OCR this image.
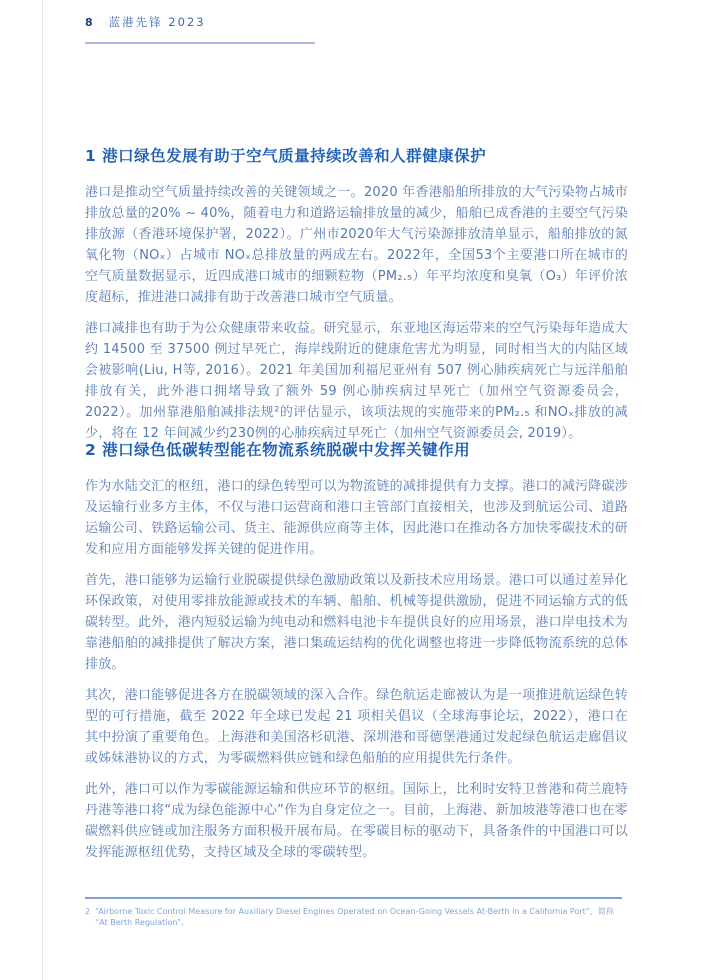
8 蓝港先锋 2023
1 港口绿色发展有助于空气质量持续改善和人群健康保护

港口是推动空气质量持续改善的关键领域之一。2020 年香港船舶所排放的大气污染物占城市排放总量的20% ~ 40%，随着电力和道路运输排放量的减少，船舶已成香港的主要空气污染排放源（香港环境保护署，2022）。广州市2020年大气污染源排放清单显示，船舶排放的氮氧化物（NOₓ）占城市 NOₓ总排放量的两成左右。2022年，全国53个主要港口所在城市的空气质量数据显示，近四成港口城市的细颗粒物（PM₂.₅）年平均浓度和臭氧（O₃）年评价浓度超标，推进港口减排有助于改善港口城市空气质量。

港口减排也有助于为公众健康带来收益。研究显示，东亚地区海运带来的空气污染每年造成大约 14500 至 37500 例过早死亡，海岸线附近的健康危害尤为明显，同时相当大的内陆区域会被影响(Liu, H等, 2016）。2021 年美国加利福尼亚州有 507 例心肺疾病死亡与远洋船舶排放有关，此外港口拥堵导致了额外 59 例心肺疾病过早死亡（加州空气资源委员会，2022）。加州靠港船舶减排法规²的评估显示，该项法规的实施带来的PM₂.₅ 和NOₓ排放的减少，将在 12 年间减少约230例的心肺疾病过早死亡（加州空气资源委员会, 2019）。

2 港口绿色低碳转型能在物流系统脱碳中发挥关键作用

作为水陆交汇的枢纽，港口的绿色转型可以为物流链的减排提供有力支撑。港口的减污降碳涉及运输行业多方主体，不仅与港口运营商和港口主管部门直接相关，也涉及到航运公司、道路运输公司、铁路运输公司、货主、能源供应商等主体，因此港口在推动各方加快零碳技术的研发和应用方面能够发挥关键的促进作用。

首先，港口能够为运输行业脱碳提供绿色激励政策以及新技术应用场景。港口可以通过差异化环保政策，对使用零排放能源或技术的车辆、船舶、机械等提供激励，促进不同运输方式的低碳转型。此外，港内短驳运输为纯电动和燃料电池卡车提供良好的应用场景，港口岸电技术为靠港船舶的减排提供了解决方案，港口集疏运结构的优化调整也将进一步降低物流系统的总体排放。

其次，港口能够促进各方在脱碳领域的深入合作。绿色航运走廊被认为是一项推进航运绿色转型的可行措施，截至 2022 年全球已发起 21 项相关倡议（全球海事论坛，2022），港口在其中扮演了重要角色。上海港和美国洛杉矶港、深圳港和哥德堡港通过发起绿色航运走廊倡议或姊妹港协议的方式，为零碳燃料供应链和绿色船舶的应用提供先行条件。

此外，港口可以作为零碳能源运输和供应环节的枢纽。国际上，比利时安特卫普港和荷兰鹿特丹港等港口将“成为绿色能源中心”作为自身定位之一。目前，上海港、新加坡港等港口也在零碳燃料供应链或加注服务方面积极开展布局。在零碳目标的驱动下，具备条件的中国港口可以发挥能源枢纽优势，支持区域及全球的零碳转型。

2 “Airborne Toxic Control Measure for Auxiliary Diesel Engines Operated on Ocean-Going Vessels At-Berth in a California Port”，简称 “At Berth Regulation”。
